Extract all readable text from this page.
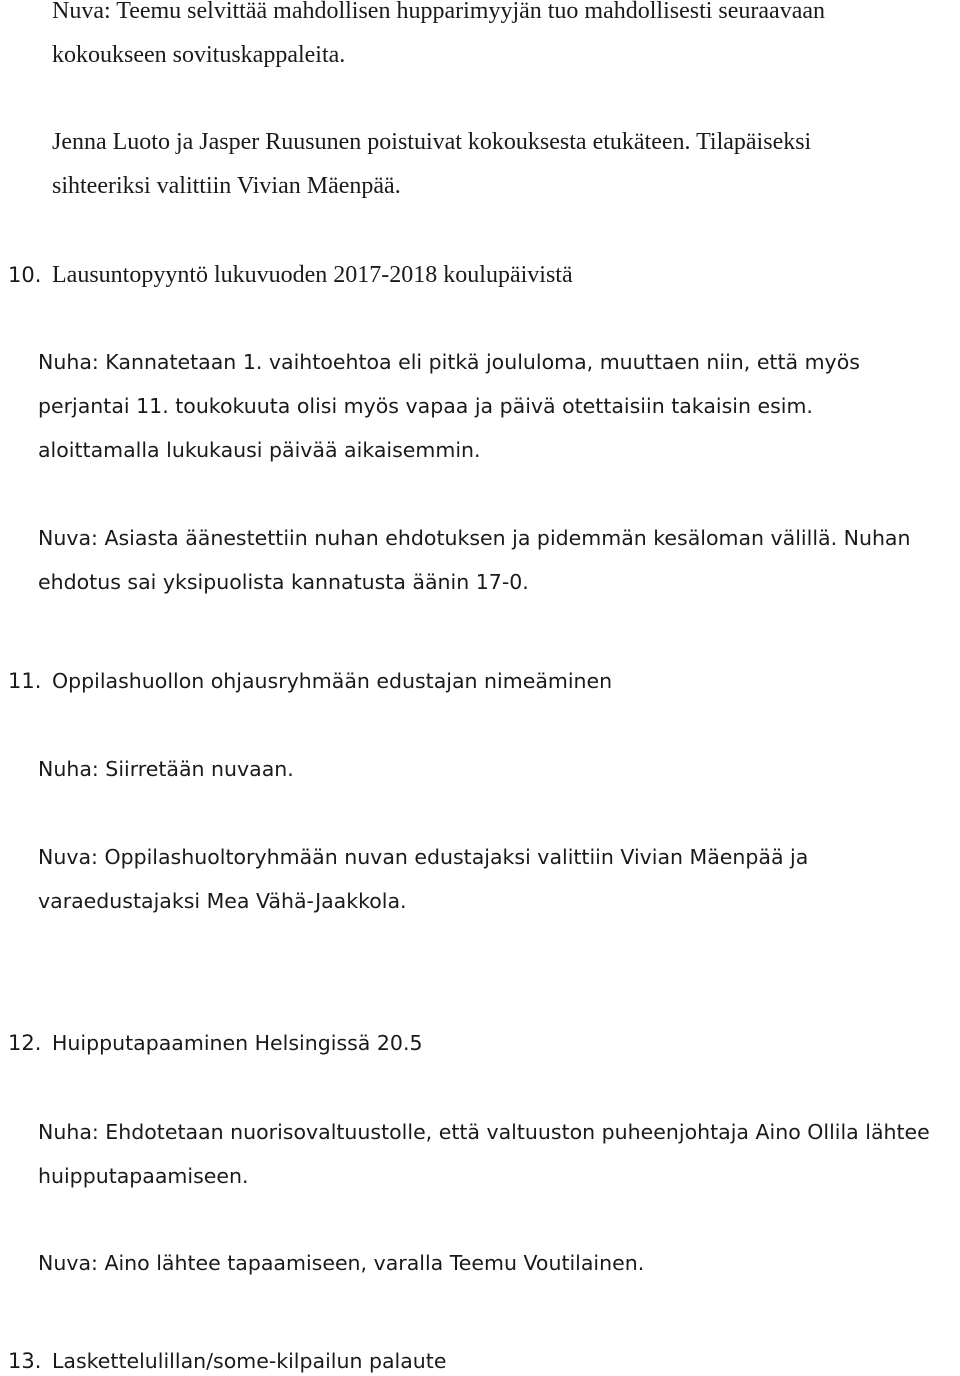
Nuva: Teemu selvittää mahdollisen hupparimyyjän tuo mahdollisesti seuraavaan
kokoukseen sovituskappaleita.
Jenna Luoto ja Jasper Ruusunen poistuivat kokouksesta etukäteen. Tilapäiseksi
sihteeriksi valittiin Vivian Mäenpää.
10. Lausuntopyyntö lukuvuoden 2017-2018 koulupäivistä
Nuha: Kannatetaan 1. vaihtoehtoa eli pitkä joululoma, muuttaen niin, että myös
perjantai 11. toukokuuta olisi myös vapaa ja päivä otettaisiin takaisin esim.
aloittamalla lukukausi päivää aikaisemmin.
Nuva: Asiasta äänestettiin nuhan ehdotuksen ja pidemmän kesäloman välillä. Nuhan
ehdotus sai yksipuolista kannatusta äänin 17-0.
11. Oppilashuollon ohjausryhmään edustajan nimeäminen
Nuha: Siirretään nuvaan.
Nuva: Oppilashuoltoryhmään nuvan edustajaksi valittiin Vivian Mäenpää ja
varaedustajaksi Mea Vähä-Jaakkola.
12. Huipputapaaminen Helsingissä 20.5
Nuha: Ehdotetaan nuorisovaltuustolle, että valtuuston puheenjohtaja Aino Ollila lähtee
huipputapaamiseen.
Nuva: Aino lähtee tapaamiseen, varalla Teemu Voutilainen.
13. Laskettelulillan/some-kilpailun palaute
